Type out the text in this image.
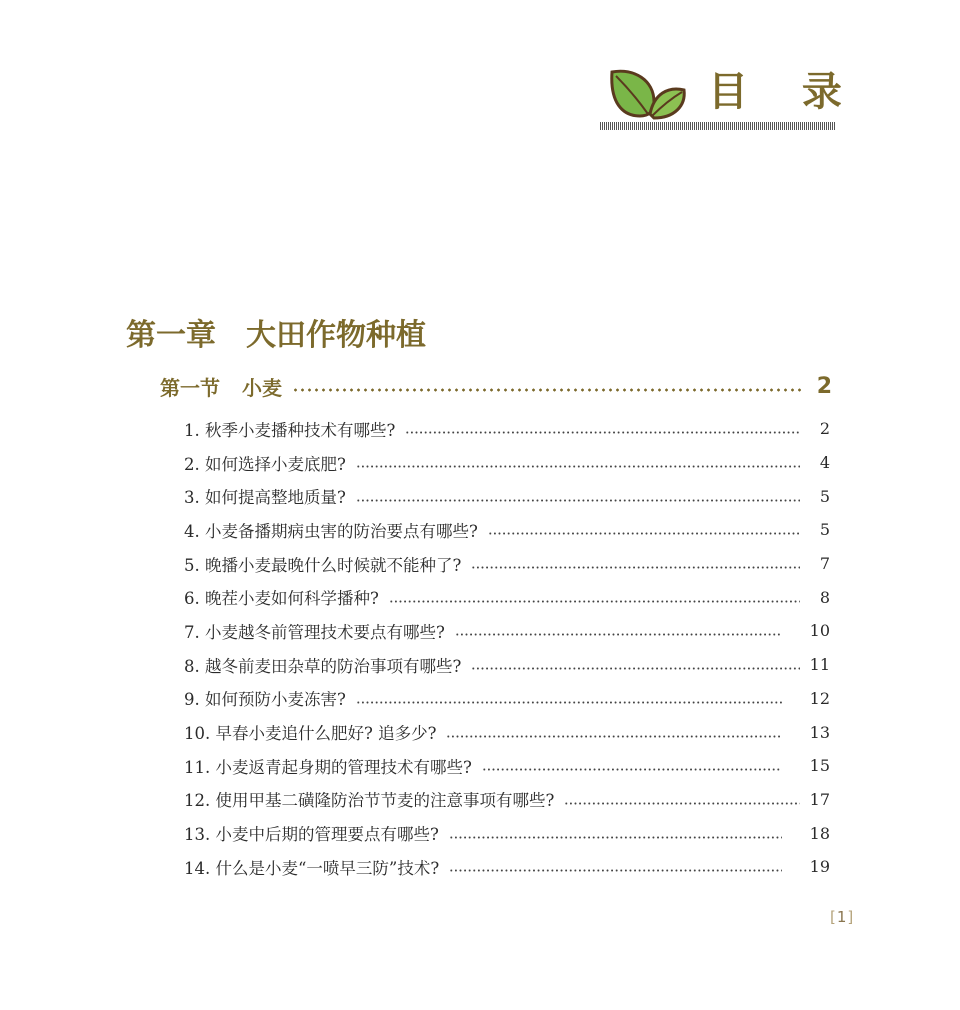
目 录
第一章 大田作物种植
第一节 小麦	2
1. 秋季小麦播种技术有哪些?	2
2. 如何选择小麦底肥?	4
3. 如何提高整地质量?	5
4. 小麦备播期病虫害的防治要点有哪些?	5
5. 晚播小麦最晚什么时候就不能种了?	7
6. 晚茬小麦如何科学播种?	8
7. 小麦越冬前管理技术要点有哪些?	10
8. 越冬前麦田杂草的防治事项有哪些?	11
9. 如何预防小麦冻害?	12
10. 早春小麦追什么肥好? 追多少?	13
11. 小麦返青起身期的管理技术有哪些?	15
12. 使用甲基二磺隆防治节节麦的注意事项有哪些?	17
13. 小麦中后期的管理要点有哪些?	18
14. 什么是小麦“一喷早三防”技术?	19
[1]
